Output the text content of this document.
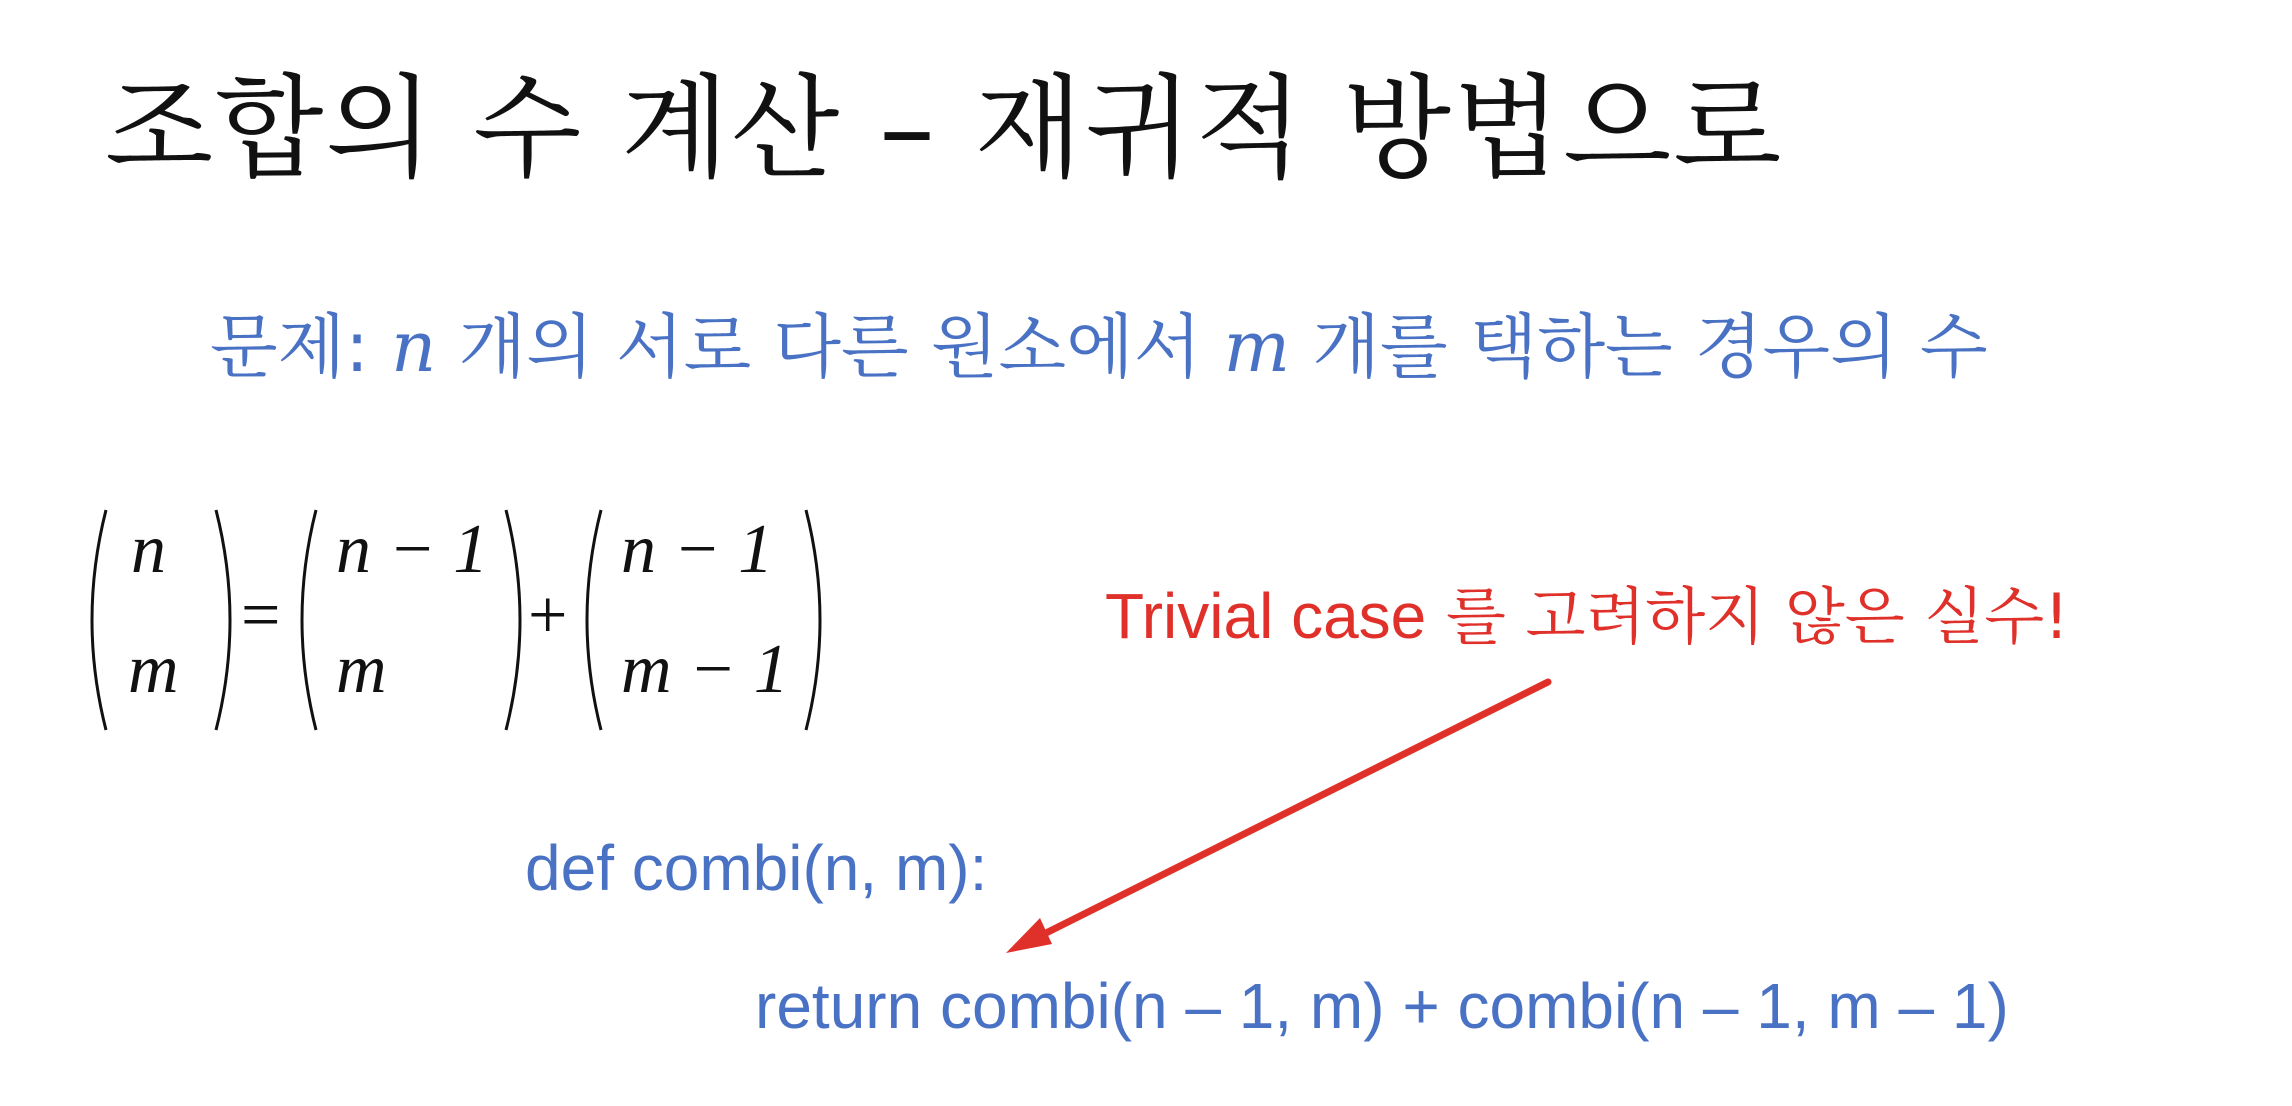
조합의 수 계산 – 재귀적 방법으로
문제: n 개의 서로 다른 원소에서 m 개를 택하는 경우의 수
n
m
=
n − 1
m
+
n − 1
m − 1
Trivial case 를 고려하지 않은 실수!
def combi(n, m):
return combi(n – 1, m) + combi(n – 1, m – 1)
